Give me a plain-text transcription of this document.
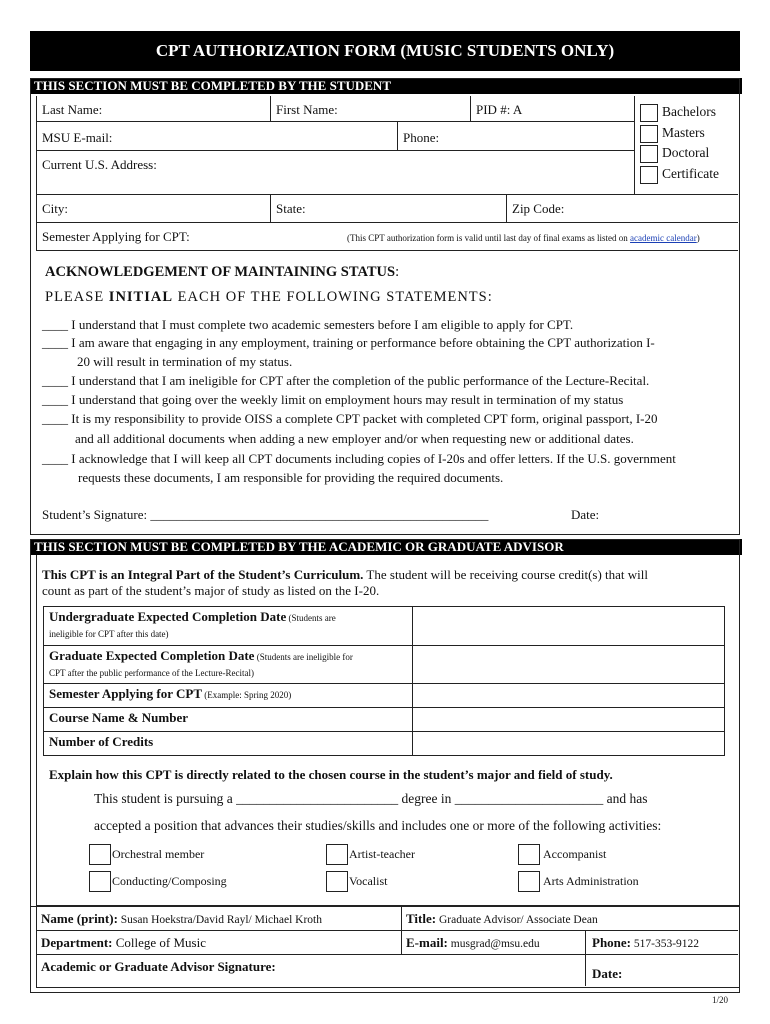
CPT AUTHORIZATION FORM (MUSIC STUDENTS ONLY)
THIS SECTION MUST BE COMPLETED BY THE STUDENT
Last Name:	First Name:	PID #: A
MSU E-mail:	Phone:
Current U.S. Address:
City:	State:	Zip Code:
Semester Applying for CPT:	(This CPT authorization form is valid until last day of final exams as listed on academic calendar)
Bachelors
Masters
Doctoral
Certificate
ACKNOWLEDGEMENT OF MAINTAINING STATUS:
PLEASE INITIAL EACH OF THE FOLLOWING STATEMENTS:
____ I understand that I must complete two academic semesters before I am eligible to apply for CPT.
____ I am aware that engaging in any employment, training or performance before obtaining the CPT authorization I-
20 will result in termination of my status.
____ I understand that I am ineligible for CPT after the completion of the public performance of the Lecture-Recital.
____ I understand that going over the weekly limit on employment hours may result in termination of my status
____ It is my responsibility to provide OISS a complete CPT packet with completed CPT form, original passport, I-20
and all additional documents when adding a new employer and/or when requesting new or additional dates.
____ I acknowledge that I will keep all CPT documents including copies of I-20s and offer letters. If the U.S. government
requests these documents, I am responsible for providing the required documents.
Student’s Signature: ____________________________________________________	Date:
THIS SECTION MUST BE COMPLETED BY THE ACADEMIC OR GRADUATE ADVISOR
This CPT is an Integral Part of the Student’s Curriculum. The student will be receiving course credit(s) that will
count as part of the student’s major of study as listed on the I-20.
Undergraduate Expected Completion Date (Students are
ineligible for CPT after this date)	
Graduate Expected Completion Date (Students are ineligible for
CPT after the public performance of the Lecture-Recital)	
Semester Applying for CPT (Example: Spring 2020)	
Course Name & Number	
Number of Credits	
Explain how this CPT is directly related to the chosen course in the student’s major and field of study.
This student is pursuing a ________________________ degree in ______________________ and has
accepted a position that advances their studies/skills and includes one or more of the following activities:
Orchestral member	Artist-teacher	Accompanist
Conducting/Composing	Vocalist	Arts Administration
Name (print): Susan Hoekstra/David Rayl/ Michael Kroth	Title: Graduate Advisor/ Associate Dean
Department: College of Music	E-mail: musgrad@msu.edu	Phone: 517-353-9122
Academic or Graduate Advisor Signature:	Date:
1/20
